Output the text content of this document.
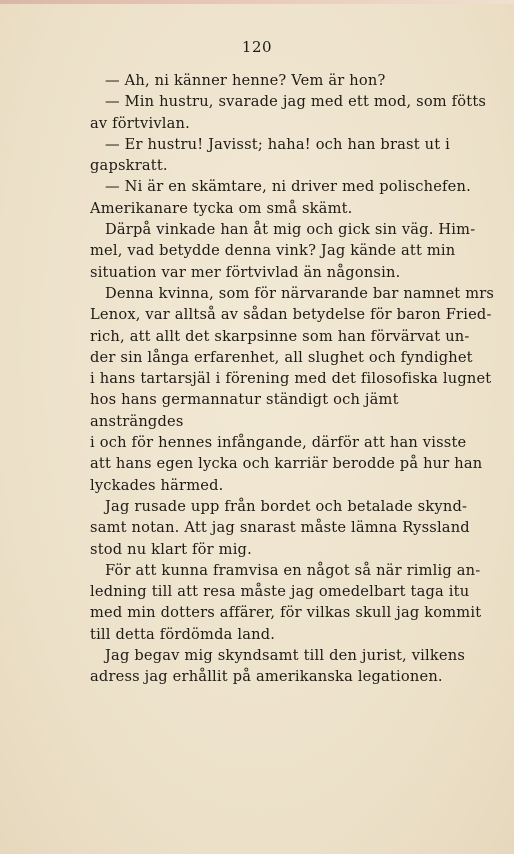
120

— Ah, ni känner henne? Vem är hon?

— Min hustru, svarade jag med ett mod, som fötts
av förtvivlan.

— Er hustru! Javisst; haha! och han brast ut i
gapskratt.

— Ni är en skämtare, ni driver med polischefen.
Amerikanare tycka om små skämt.

Därpå vinkade han åt mig och gick sin väg. Him-
mel, vad betydde denna vink? Jag kände att min
situation var mer förtvivlad än någonsin.

Denna kvinna, som för närvarande bar namnet mrs
Lenox, var alltså av sådan betydelse för baron Fried-
rich, att allt det skarpsinne som han förvärvat un-
der sin långa erfarenhet, all slughet och fyndighet
i hans tartarsjäl i förening med det filosofiska lugnet
hos hans germannatur ständigt och jämt ansträngdes
i och för hennes infångande, därför att han visste
att hans egen lycka och karriär berodde på hur han
lyckades härmed.

Jag rusade upp från bordet och betalade skynd-
samt notan. Att jag snarast måste lämna Ryssland
stod nu klart för mig.

För att kunna framvisa en något så när rimlig an-
ledning till att resa måste jag omedelbart taga itu
med min dotters affärer, för vilkas skull jag kommit
till detta fördömda land.

Jag begav mig skyndsamt till den jurist, vilkens
adress jag erhållit på amerikanska legationen.
